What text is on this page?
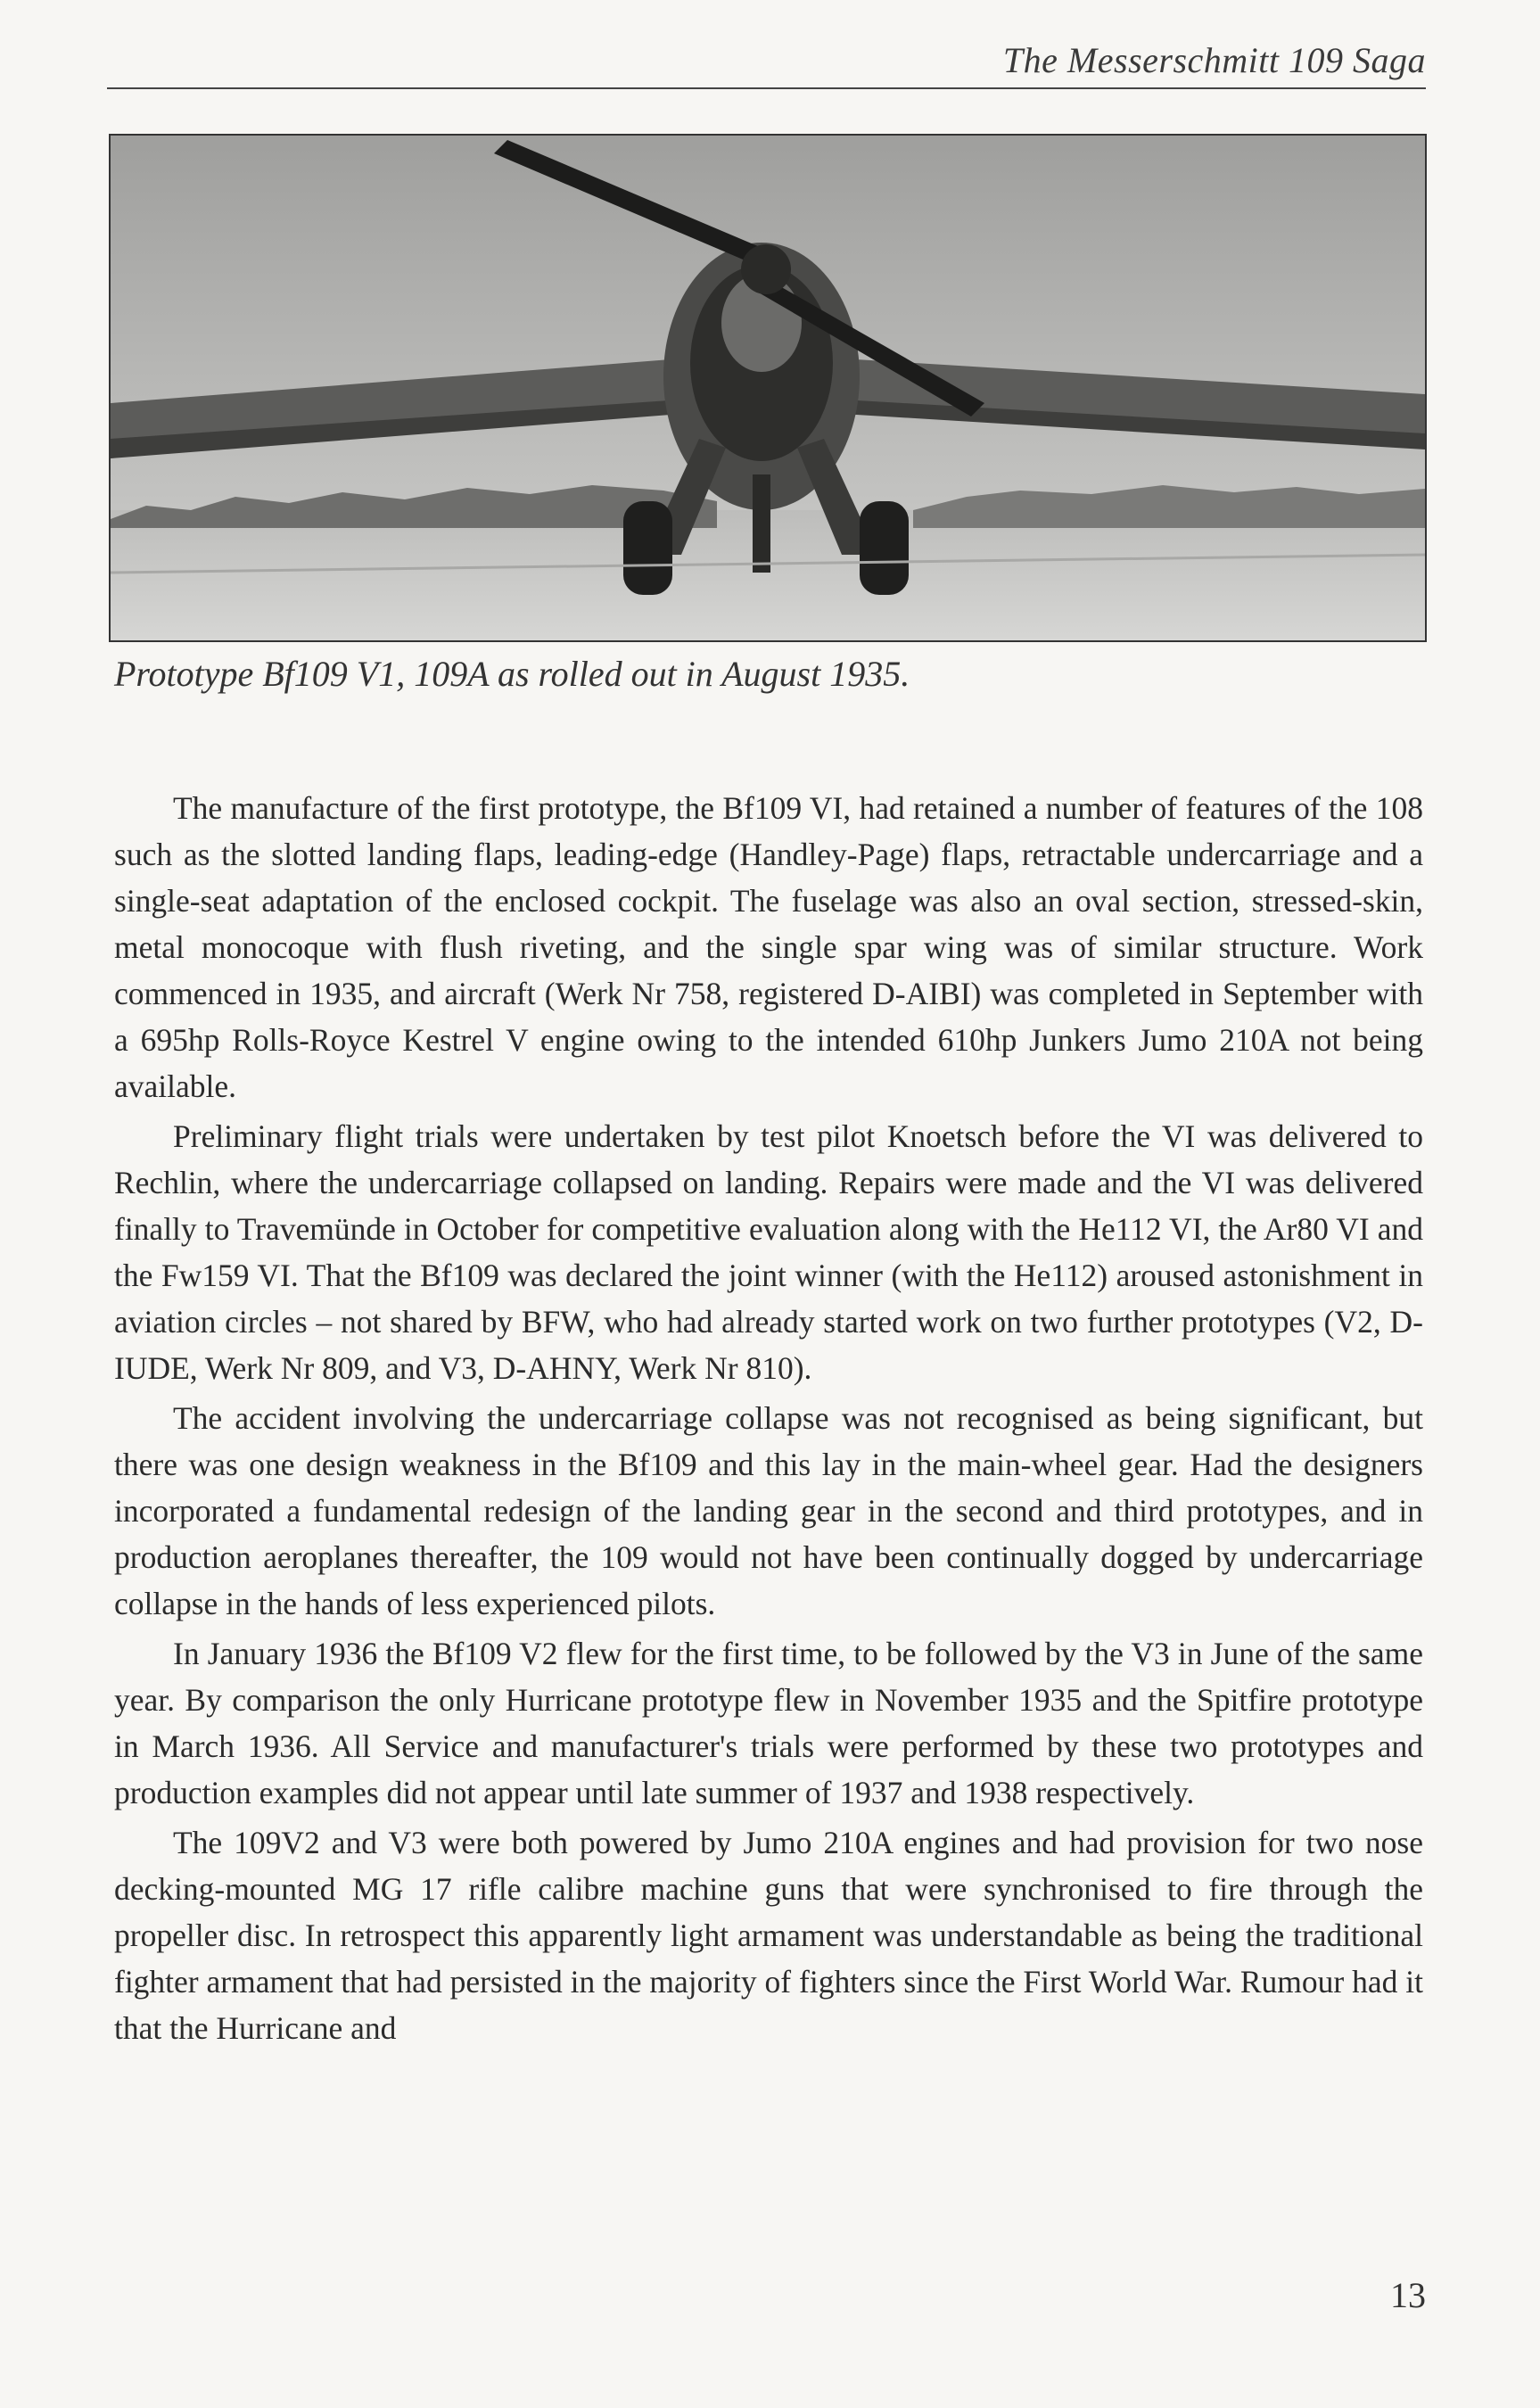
The Messerschmitt 109 Saga
Prototype Bf109 V1, 109A as rolled out in August 1935.

The manufacture of the first prototype, the Bf109 VI, had retained a number of features of the 108 such as the slotted landing flaps, leading-edge (Handley-Page) flaps, retractable undercarriage and a single-seat adaptation of the enclosed cockpit. The fuselage was also an oval section, stressed-skin, metal monocoque with flush riveting, and the single spar wing was of similar structure. Work commenced in 1935, and aircraft (Werk Nr 758, registered D-AIBI) was completed in September with a 695hp Rolls-Royce Kestrel V engine owing to the intended 610hp Junkers Jumo 210A not being available.

Preliminary flight trials were undertaken by test pilot Knoetsch before the VI was delivered to Rechlin, where the undercarriage collapsed on landing. Repairs were made and the VI was delivered finally to Travemünde in October for competitive evaluation along with the He112 VI, the Ar80 VI and the Fw159 VI. That the Bf109 was declared the joint winner (with the He112) aroused astonishment in aviation circles – not shared by BFW, who had already started work on two further prototypes (V2, D-IUDE, Werk Nr 809, and V3, D-AHNY, Werk Nr 810).

The accident involving the undercarriage collapse was not recognised as being significant, but there was one design weakness in the Bf109 and this lay in the main-wheel gear. Had the designers incorporated a fundamental redesign of the landing gear in the second and third prototypes, and in production aeroplanes thereafter, the 109 would not have been continually dogged by undercarriage collapse in the hands of less experienced pilots.

In January 1936 the Bf109 V2 flew for the first time, to be followed by the V3 in June of the same year. By comparison the only Hurricane prototype flew in November 1935 and the Spitfire prototype in March 1936. All Service and manufacturer's trials were performed by these two prototypes and production examples did not appear until late summer of 1937 and 1938 respectively.

The 109V2 and V3 were both powered by Jumo 210A engines and had provision for two nose decking-mounted MG 17 rifle calibre machine guns that were synchronised to fire through the propeller disc. In retrospect this apparently light armament was understandable as being the traditional fighter armament that had persisted in the majority of fighters since the First World War. Rumour had it that the Hurricane and

13
